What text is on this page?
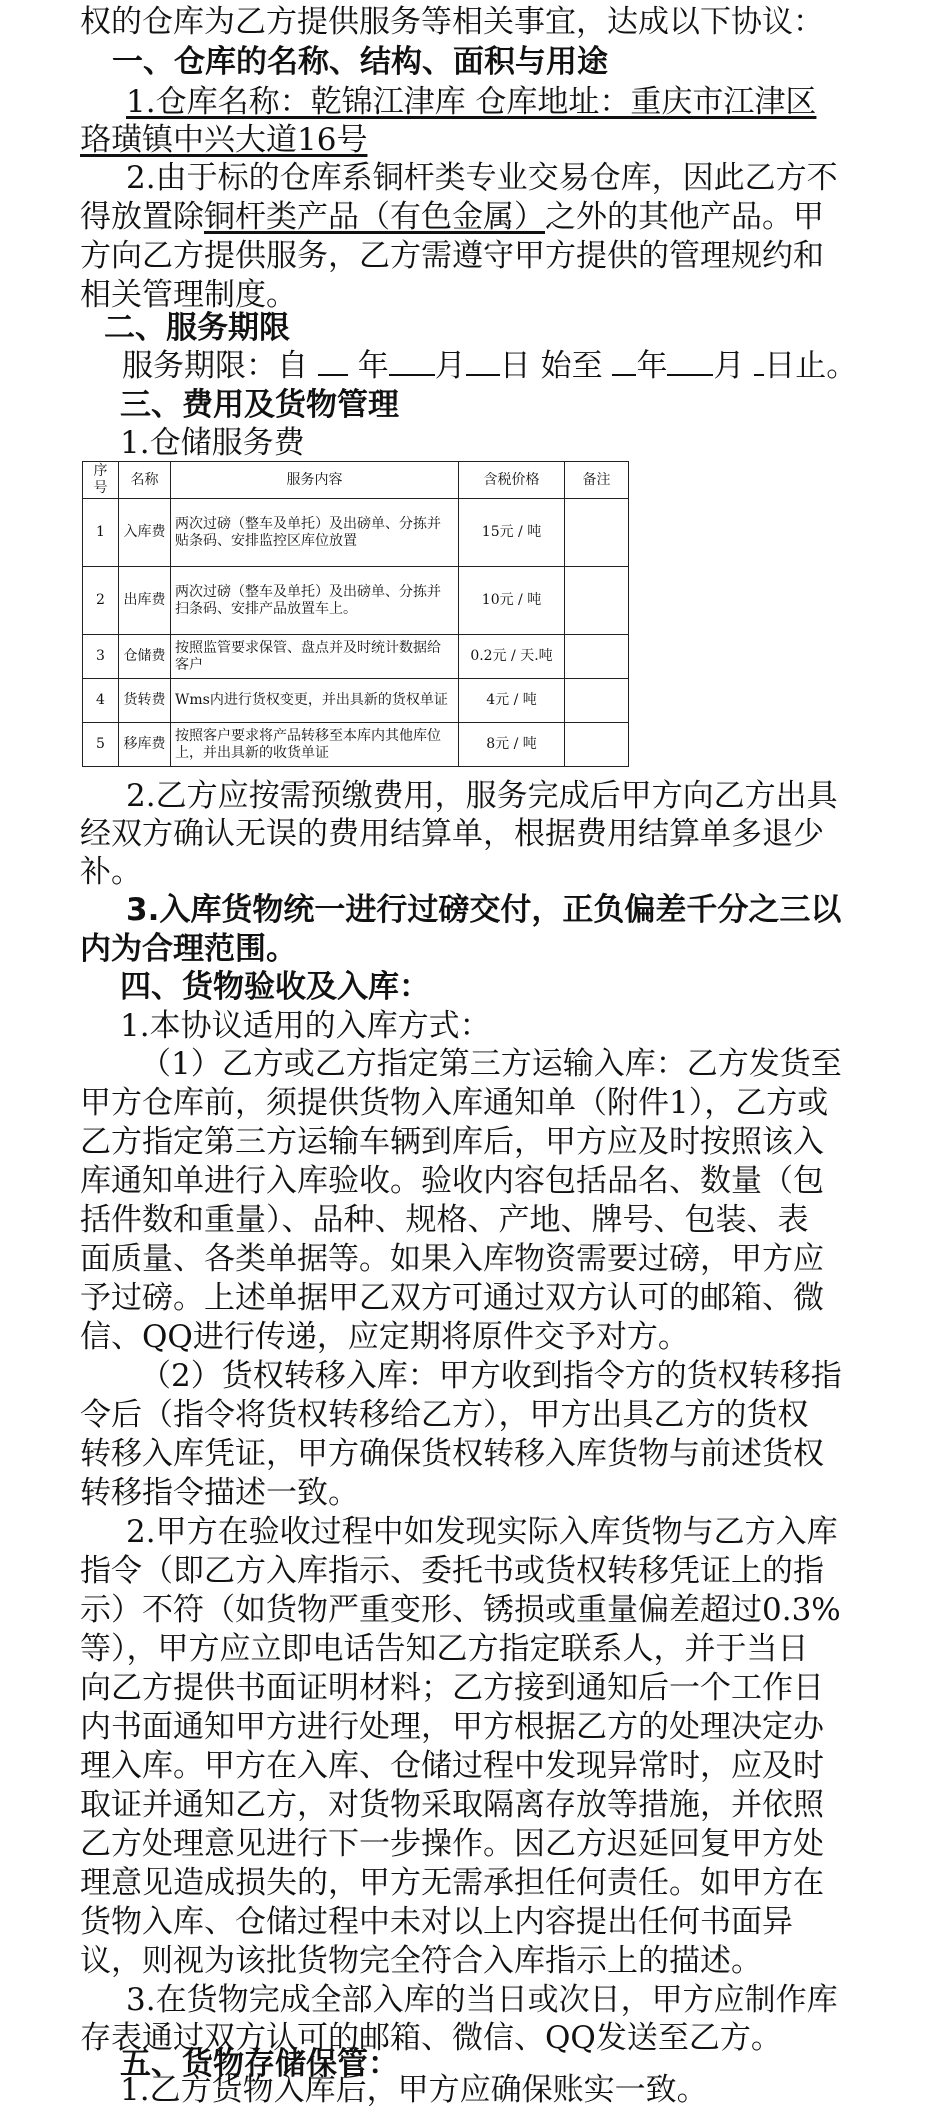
权的仓库为乙方提供服务等相关事宜，达成以下协议：
一、仓库的名称、结构、面积与用途
1.仓库名称：乾锦江津库 仓库地址：重庆市江津区
珞璜镇中兴大道16号
2.由于标的仓库系铜杆类专业交易仓库，因此乙方不
得放置除铜杆类产品（有色金属）之外的其他产品。甲
方向乙方提供服务，乙方需遵守甲方提供的管理规约和
相关管理制度。
二、服务期限
服务期限：自 年 月 日 始至 年 月 日止。
三、费用及货物管理
1.仓储服务费
序号	名称	服务内容	含税价格	备注
1	入库费	两次过磅（整车及单托）及出磅单、分拣并贴条码、安排监控区库位放置	15元 / 吨	
2	出库费	两次过磅（整车及单托）及出磅单、分拣并扫条码、安排产品放置车上。	10元 / 吨	
3	仓储费	按照监管要求保管、盘点并及时统计数据给客户	0.2元 / 天.吨	
4	货转费	Wms内进行货权变更，并出具新的货权单证	4元 / 吨	
5	移库费	按照客户要求将产品转移至本库内其他库位上，并出具新的收货单证	8元 / 吨	
2.乙方应按需预缴费用，服务完成后甲方向乙方出具
经双方确认无误的费用结算单，根据费用结算单多退少
补。
3.入库货物统一进行过磅交付，正负偏差千分之三以
内为合理范围。
四、货物验收及入库：
1.本协议适用的入库方式：
（1）乙方或乙方指定第三方运输入库：乙方发货至
甲方仓库前，须提供货物入库通知单（附件1），乙方或
乙方指定第三方运输车辆到库后，甲方应及时按照该入
库通知单进行入库验收。验收内容包括品名、数量（包
括件数和重量）、品种、规格、产地、牌号、包装、表
面质量、各类单据等。如果入库物资需要过磅，甲方应
予过磅。上述单据甲乙双方可通过双方认可的邮箱、微
信、QQ进行传递，应定期将原件交予对方。
（2）货权转移入库：甲方收到指令方的货权转移指
令后（指令将货权转移给乙方），甲方出具乙方的货权
转移入库凭证，甲方确保货权转移入库货物与前述货权
转移指令描述一致。
2.甲方在验收过程中如发现实际入库货物与乙方入库
指令（即乙方入库指示、委托书或货权转移凭证上的指
示）不符（如货物严重变形、锈损或重量偏差超过0.3%
等），甲方应立即电话告知乙方指定联系人，并于当日
向乙方提供书面证明材料；乙方接到通知后一个工作日
内书面通知甲方进行处理，甲方根据乙方的处理决定办
理入库。甲方在入库、仓储过程中发现异常时，应及时
取证并通知乙方，对货物采取隔离存放等措施，并依照
乙方处理意见进行下一步操作。因乙方迟延回复甲方处
理意见造成损失的，甲方无需承担任何责任。如甲方在
货物入库、仓储过程中未对以上内容提出任何书面异
议，则视为该批货物完全符合入库指示上的描述。
3.在货物完成全部入库的当日或次日，甲方应制作库
存表通过双方认可的邮箱、微信、QQ发送至乙方。
五、货物存储保管：
1.乙方货物入库后，甲方应确保账实一致。
